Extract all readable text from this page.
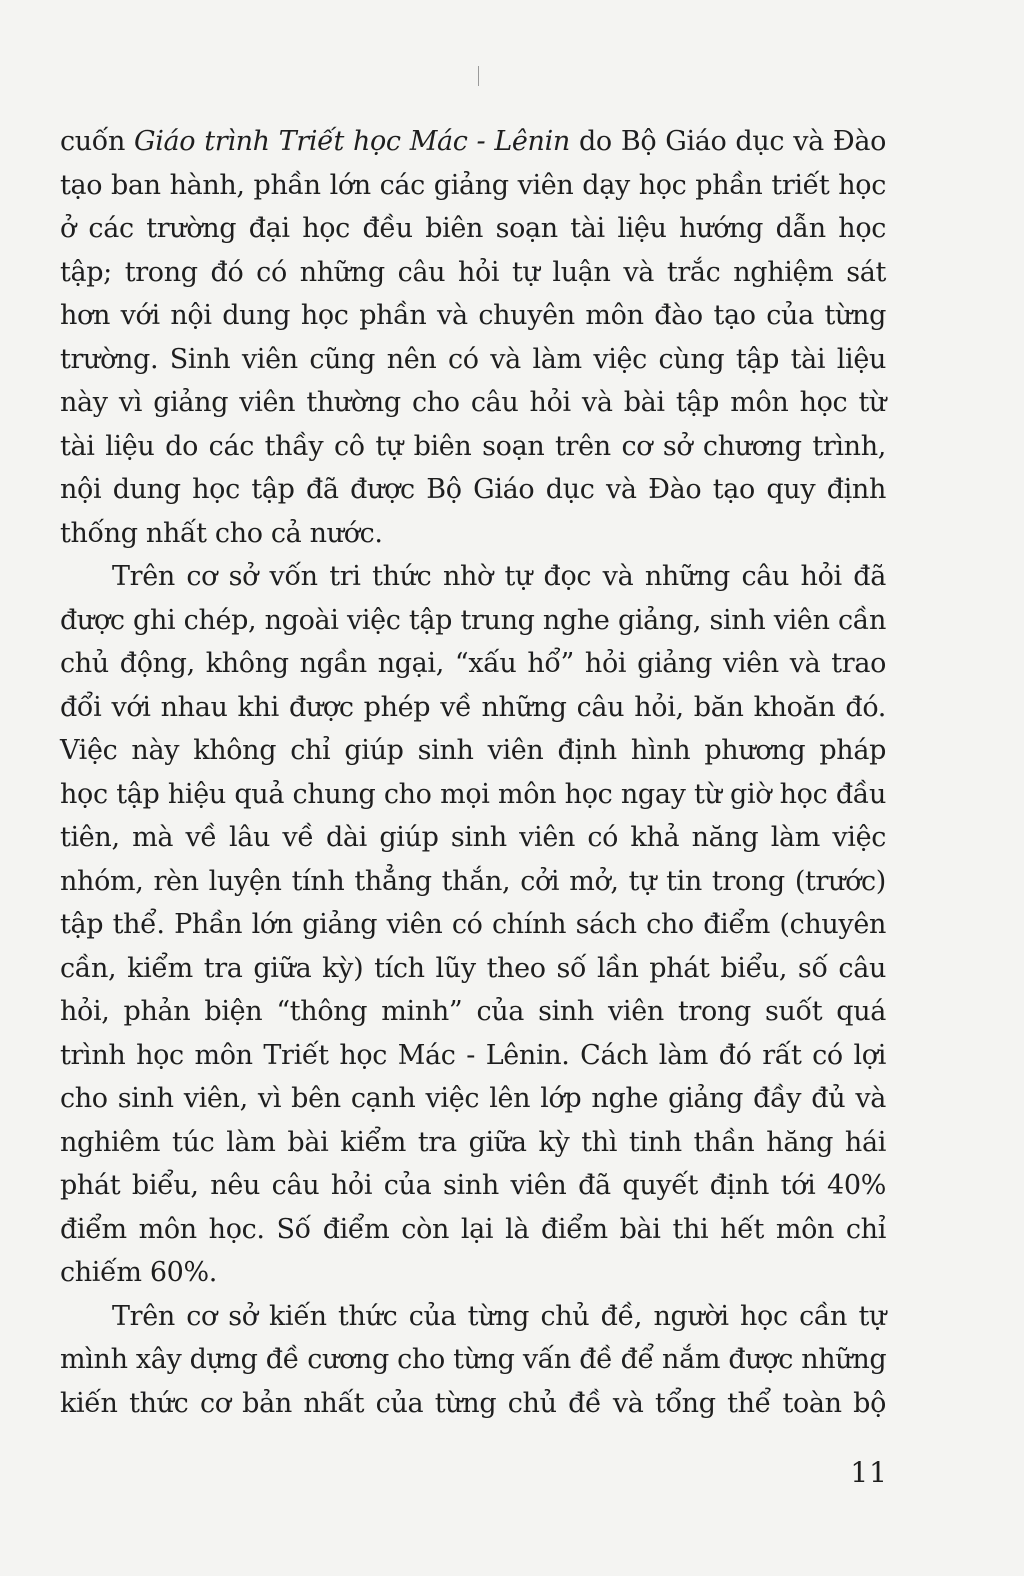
cuốn Giáo trình Triết học Mác - Lênin do Bộ Giáo dục và Đào
tạo ban hành, phần lớn các giảng viên dạy học phần triết học
ở các trường đại học đều biên soạn tài liệu hướng dẫn học
tập; trong đó có những câu hỏi tự luận và trắc nghiệm sát
hơn với nội dung học phần và chuyên môn đào tạo của từng
trường. Sinh viên cũng nên có và làm việc cùng tập tài liệu
này vì giảng viên thường cho câu hỏi và bài tập môn học từ
tài liệu do các thầy cô tự biên soạn trên cơ sở chương trình,
nội dung học tập đã được Bộ Giáo dục và Đào tạo quy định
thống nhất cho cả nước.
Trên cơ sở vốn tri thức nhờ tự đọc và những câu hỏi đã
được ghi chép, ngoài việc tập trung nghe giảng, sinh viên cần
chủ động, không ngần ngại, “xấu hổ” hỏi giảng viên và trao
đổi với nhau khi được phép về những câu hỏi, băn khoăn đó.
Việc này không chỉ giúp sinh viên định hình phương pháp
học tập hiệu quả chung cho mọi môn học ngay từ giờ học đầu
tiên, mà về lâu về dài giúp sinh viên có khả năng làm việc
nhóm, rèn luyện tính thẳng thắn, cởi mở, tự tin trong (trước)
tập thể. Phần lớn giảng viên có chính sách cho điểm (chuyên
cần, kiểm tra giữa kỳ) tích lũy theo số lần phát biểu, số câu
hỏi, phản biện “thông minh” của sinh viên trong suốt quá
trình học môn Triết học Mác - Lênin. Cách làm đó rất có lợi
cho sinh viên, vì bên cạnh việc lên lớp nghe giảng đầy đủ và
nghiêm túc làm bài kiểm tra giữa kỳ thì tinh thần hăng hái
phát biểu, nêu câu hỏi của sinh viên đã quyết định tới 40%
điểm môn học. Số điểm còn lại là điểm bài thi hết môn chỉ
chiếm 60%.
Trên cơ sở kiến thức của từng chủ đề, người học cần tự
mình xây dựng đề cương cho từng vấn đề để nắm được những
kiến thức cơ bản nhất của từng chủ đề và tổng thể toàn bộ
11
